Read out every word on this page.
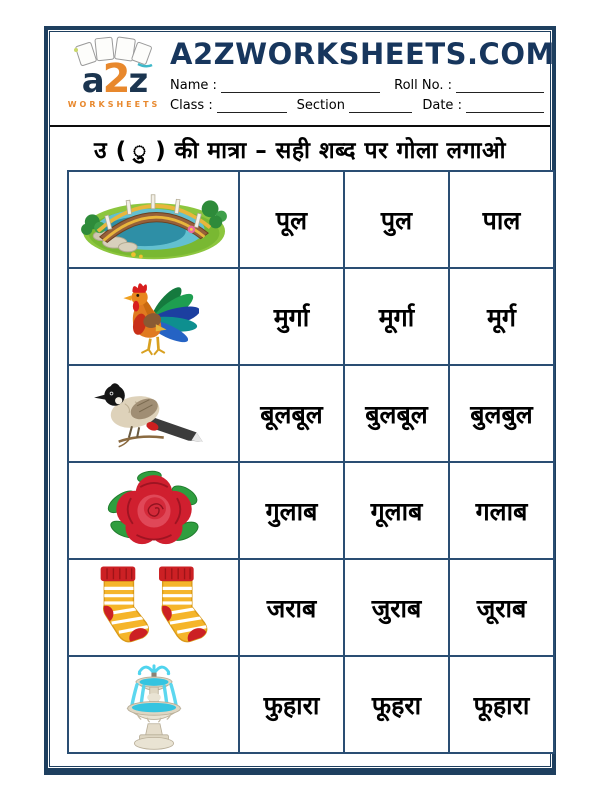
a2z
WORKSHEETS
A2ZWORKSHEETS.COM
Name :	Roll No. :
Class :	Section	Date :
उ ( ु ) की मात्रा – सही शब्द पर गोला लगाओ
	पूल	पुल	पाल

	मुर्गा	मूर्गा	मूर्ग

	बूलबूल	बुलबूल	बुलबुल

	गुलाब	गूलाब	गलाब

	जराब	जुराब	जूराब

	फुहारा	फूहरा	फूहारा
